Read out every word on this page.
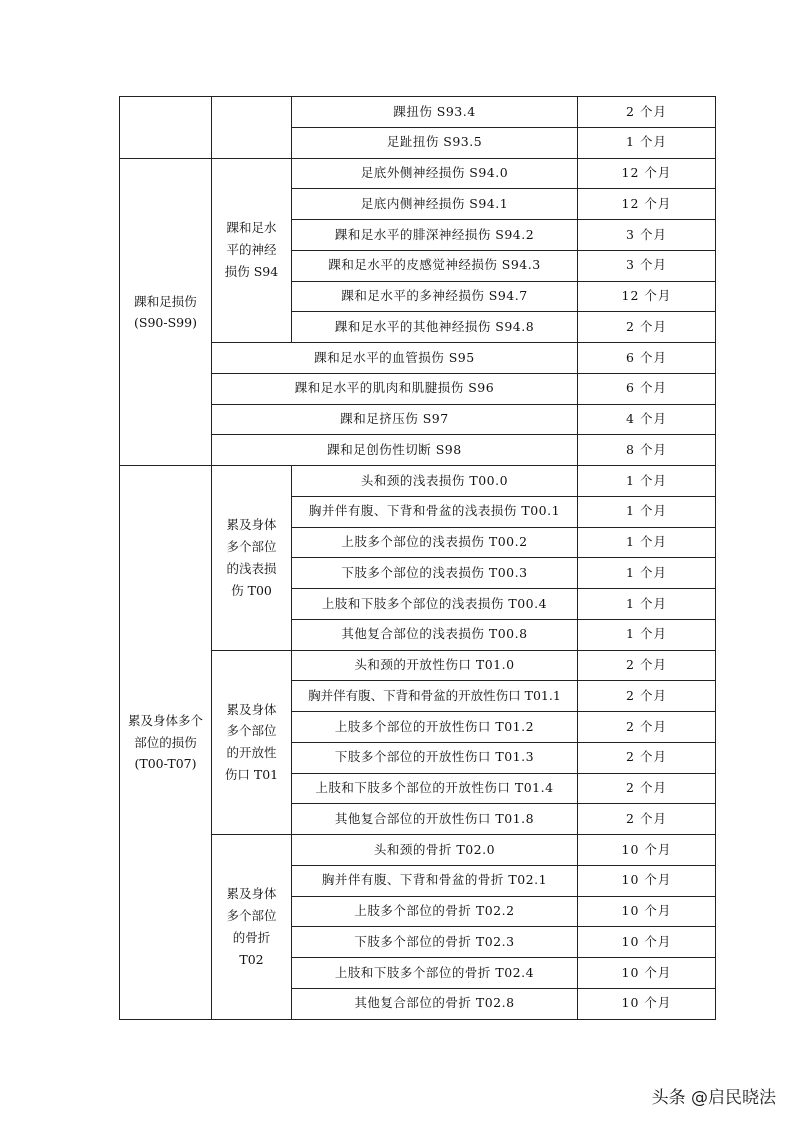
		踝扭伤 S93.4	2 个月
		足趾扭伤 S93.5	1 个月
踝和足损伤(S90-S99)	踝和足水平的神经损伤 S94	足底外侧神经损伤 S94.0	12 个月
		足底内侧神经损伤 S94.1	12 个月
		踝和足水平的腓深神经损伤 S94.2	3 个月
		踝和足水平的皮感觉神经损伤 S94.3	3 个月
		踝和足水平的多神经损伤 S94.7	12 个月
		踝和足水平的其他神经损伤 S94.8	2 个月
	踝和足水平的血管损伤 S95		6 个月
	踝和足水平的肌肉和肌腱损伤 S96		6 个月
	踝和足挤压伤 S97		4 个月
	踝和足创伤性切断 S98		8 个月
累及身体多个部位的损伤(T00-T07)	累及身体多个部位的浅表损伤 T00	头和颈的浅表损伤 T00.0	1 个月
		胸并伴有腹、下背和骨盆的浅表损伤 T00.1	1 个月
		上肢多个部位的浅表损伤 T00.2	1 个月
		下肢多个部位的浅表损伤 T00.3	1 个月
		上肢和下肢多个部位的浅表损伤 T00.4	1 个月
		其他复合部位的浅表损伤 T00.8	1 个月
	累及身体多个部位的开放性伤口 T01	头和颈的开放性伤口 T01.0	2 个月
		胸并伴有腹、下背和骨盆的开放性伤口 T01.1	2 个月
		上肢多个部位的开放性伤口 T01.2	2 个月
		下肢多个部位的开放性伤口 T01.3	2 个月
		上肢和下肢多个部位的开放性伤口 T01.4	2 个月
		其他复合部位的开放性伤口 T01.8	2 个月
	累及身体多个部位的骨折 T02	头和颈的骨折 T02.0	10 个月
		胸并伴有腹、下背和骨盆的骨折 T02.1	10 个月
		上肢多个部位的骨折 T02.2	10 个月
		下肢多个部位的骨折 T02.3	10 个月
		上肢和下肢多个部位的骨折 T02.4	10 个月
		其他复合部位的骨折 T02.8	10 个月
头条 @启民晓法
